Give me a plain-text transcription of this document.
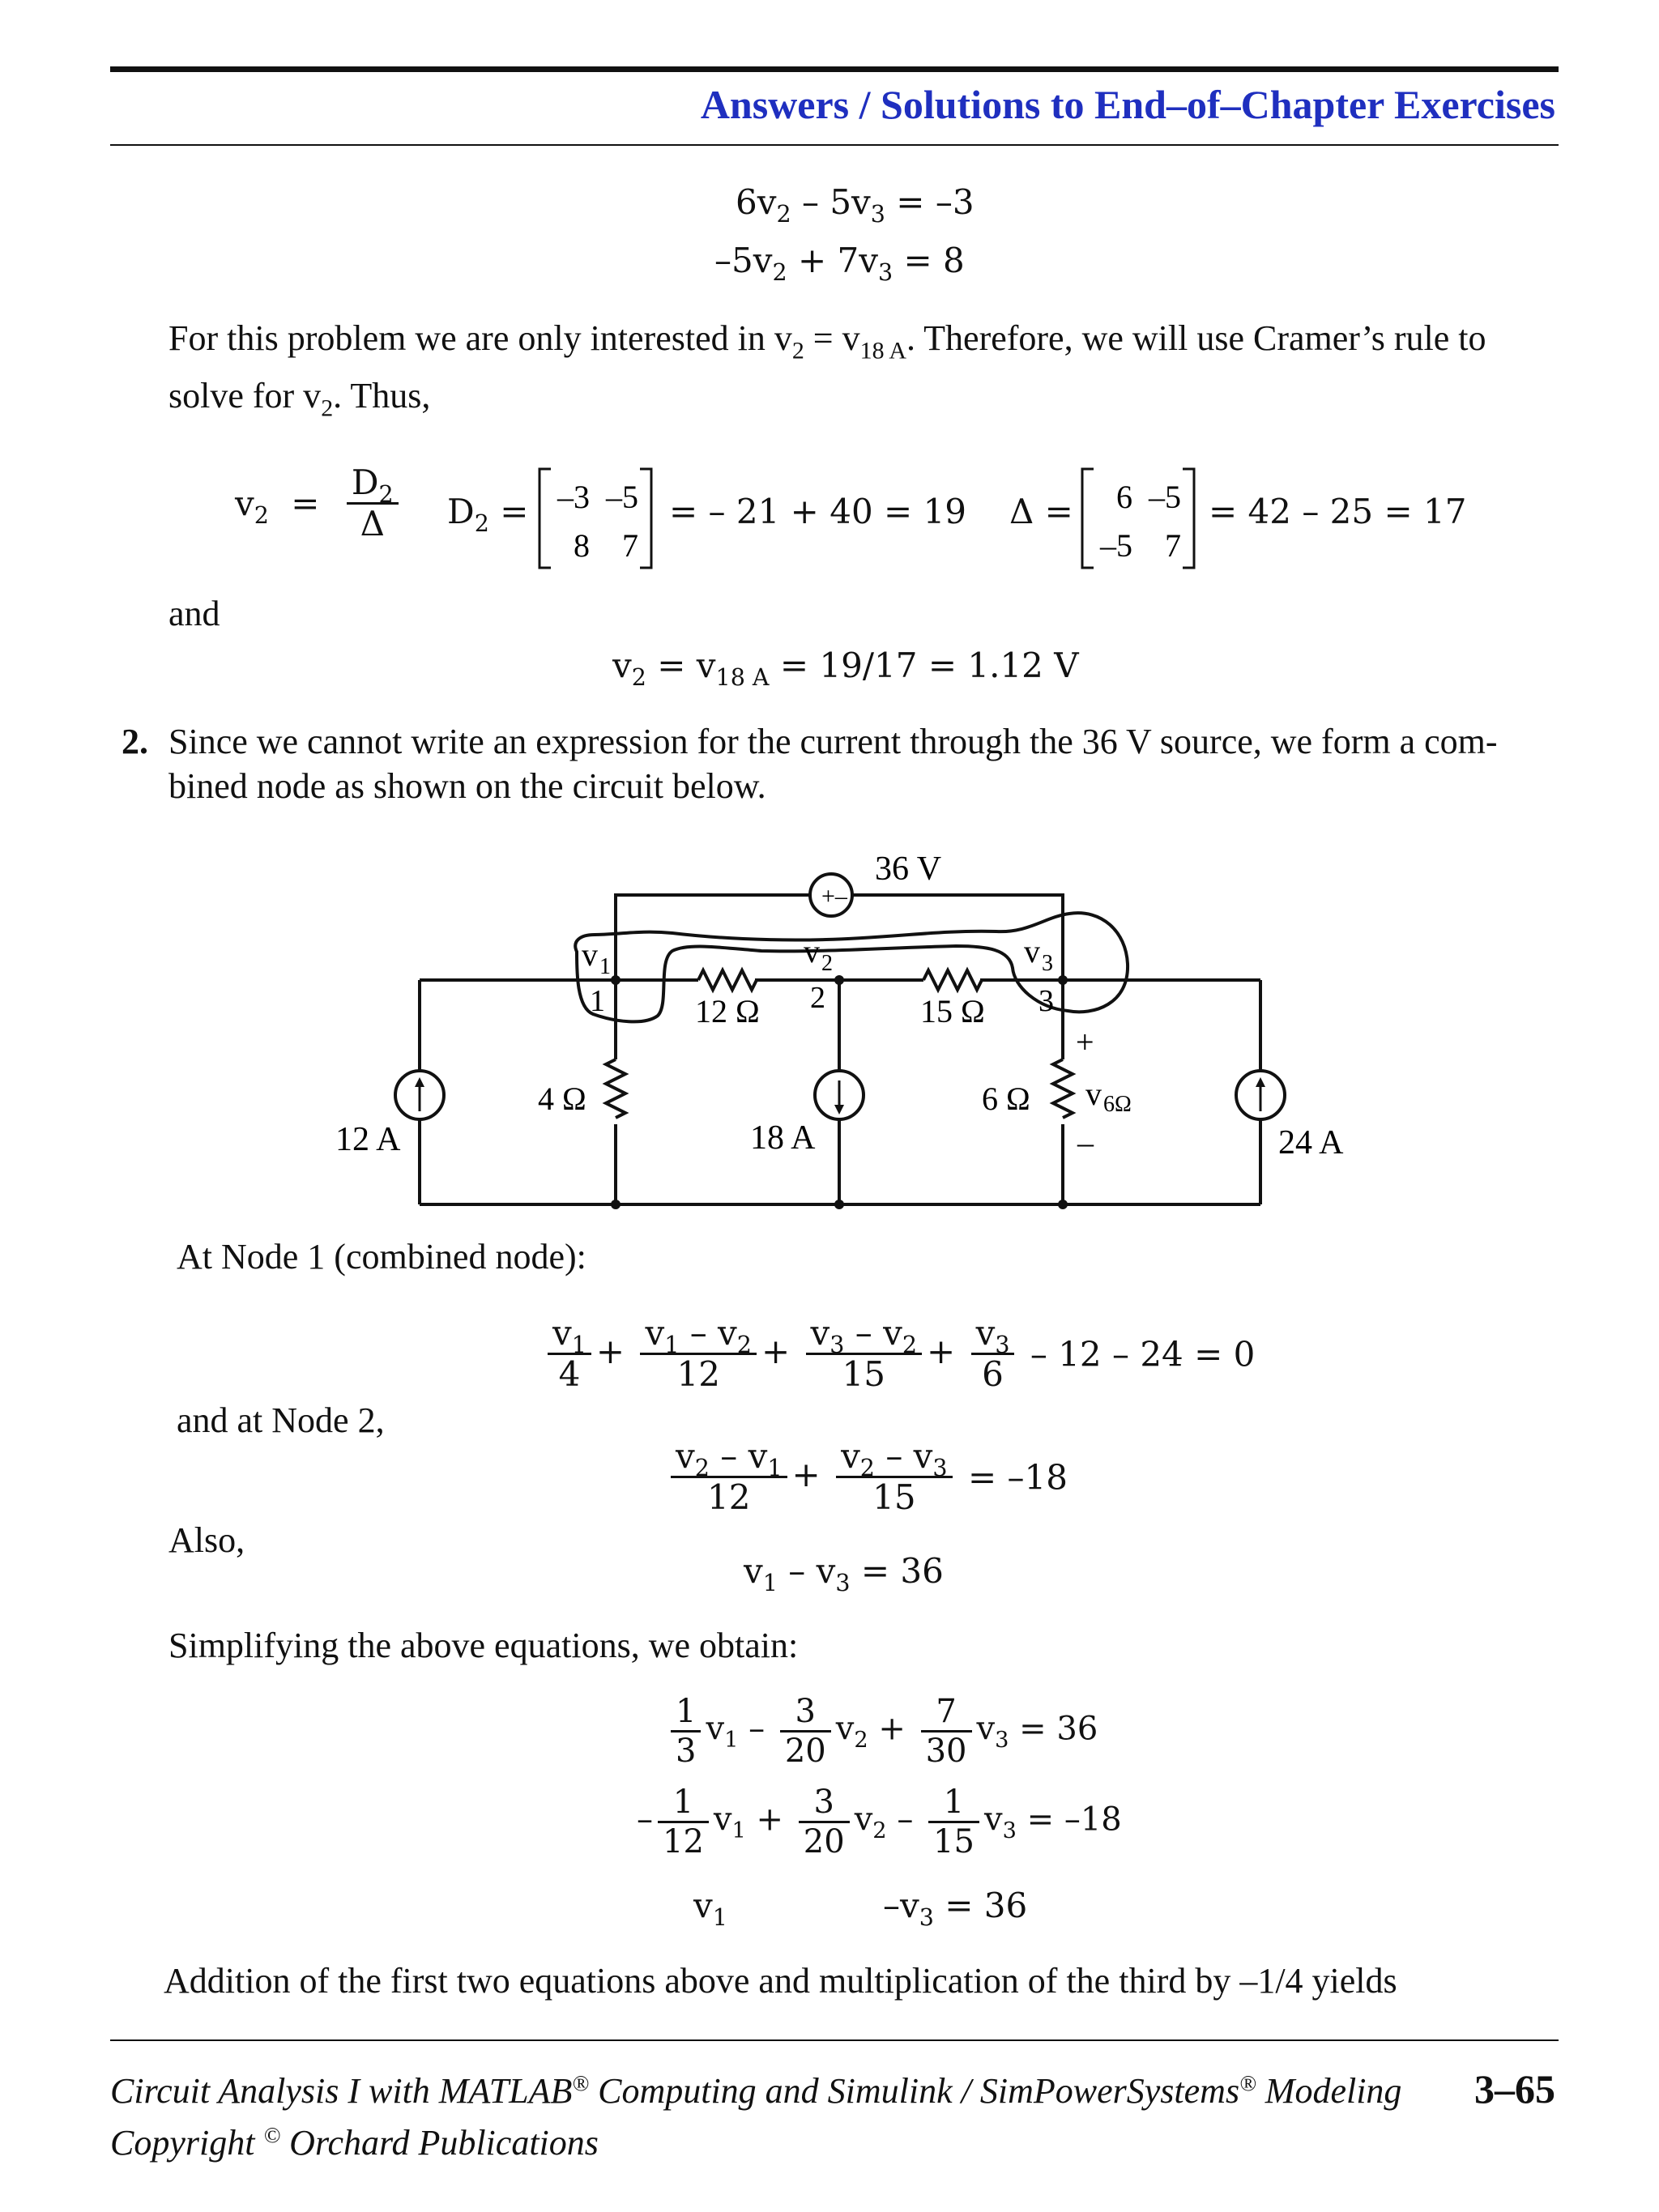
Answers / Solutions to End–of–Chapter Exercises
$6v_2 - 5v_3 = -3$
$-5v_2 + 7v_3 = 8$
For this problem we are only interested in $v_2 = v_{18 A}$. Therefore, we will use Cramer’s rule to
solve for $v_2$. Thus,
$v_2 = \frac{D_2}{\Delta} D_2 = -3$ –5
8 7
= – 21 + 40 = 19 Δ = 6 –5
–5 7
= 42 – 25 = 17
and
$v_2 = v_{18 A} = 19/17 = 1.12$ V
2. Since we cannot write an expression for the current through the 36 V source, we form a com-
bined node as shown on the circuit below.
+–
36 V
v 1	v 2	v 3
1	2	3
12 Ω	15 Ω
4 Ω	6 Ω
12 A	18 A	24 A
+
v 6Ω
–
At Node 1 (combined node):
$\frac{v_1}{4} + \frac{v_1 - v_2}{12} + \frac{v_3 - v_2}{15} + \frac{v_3}{6} - 12 - 24 = 0$
and at Node 2,
$\frac{v_2 - v_1}{12} + \frac{v_2 - v_3}{15} = -18$
Also,
$v_1 - v_3 = 36$
Simplifying the above equations, we obtain:
$\frac{1}{3} v_1 - \frac{3}{20} v_2 + \frac{7}{30} v_3 = 36$
– $\frac{1}{12} v_1 + \frac{3}{20} v_2 - \frac{1}{15} v_3 = -18$
$v_1$	$-v_3 = 36$
Addition of the first two equations above and multiplication of the third by –1/4 yields
Circuit Analysis I with MATLAB® Computing and Simulink / SimPowerSystems® Modeling
Copyright © Orchard Publications
3–65
